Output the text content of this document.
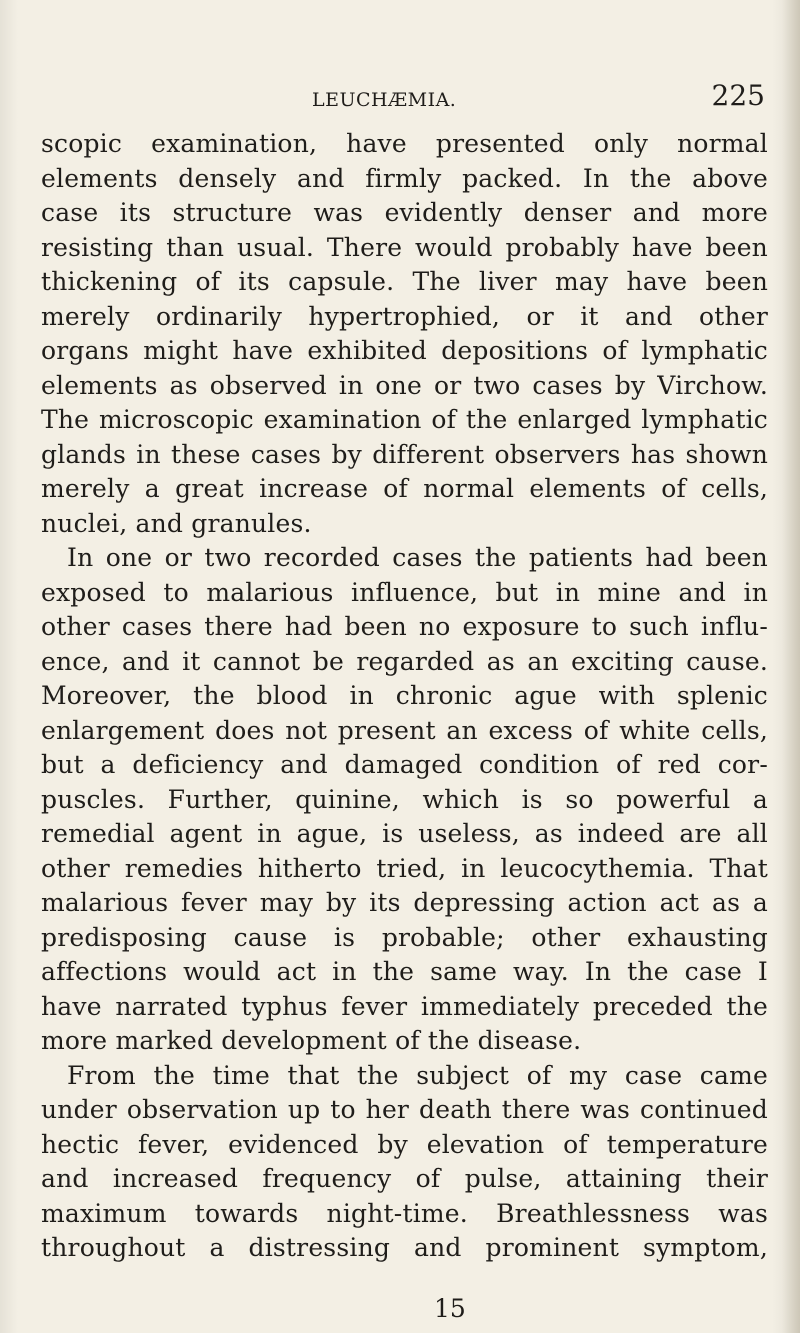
LEUCHÆMIA.	225
scopic examination, have presented only normal
elements densely and firmly packed. In the above
case its structure was evidently denser and more
resisting than usual. There would probably have been
thickening of its capsule. The liver may have been
merely ordinarily hypertrophied, or it and other
organs might have exhibited depositions of lymphatic
elements as observed in one or two cases by Virchow.
The microscopic examination of the enlarged lymphatic
glands in these cases by different observers has shown
merely a great increase of normal elements of cells,
nuclei, and granules.
In one or two recorded cases the patients had been
exposed to malarious influence, but in mine and in
other cases there had been no exposure to such influ-
ence, and it cannot be regarded as an exciting cause.
Moreover, the blood in chronic ague with splenic
enlargement does not present an excess of white cells,
but a deficiency and damaged condition of red cor-
puscles. Further, quinine, which is so powerful a
remedial agent in ague, is useless, as indeed are all
other remedies hitherto tried, in leucocythemia. That
malarious fever may by its depressing action act as a
predisposing cause is probable; other exhausting
affections would act in the same way. In the case I
have narrated typhus fever immediately preceded the
more marked development of the disease.
From the time that the subject of my case came
under observation up to her death there was continued
hectic fever, evidenced by elevation of temperature
and increased frequency of pulse, attaining their
maximum towards night-time. Breathlessness was
throughout a distressing and prominent symptom,
15
